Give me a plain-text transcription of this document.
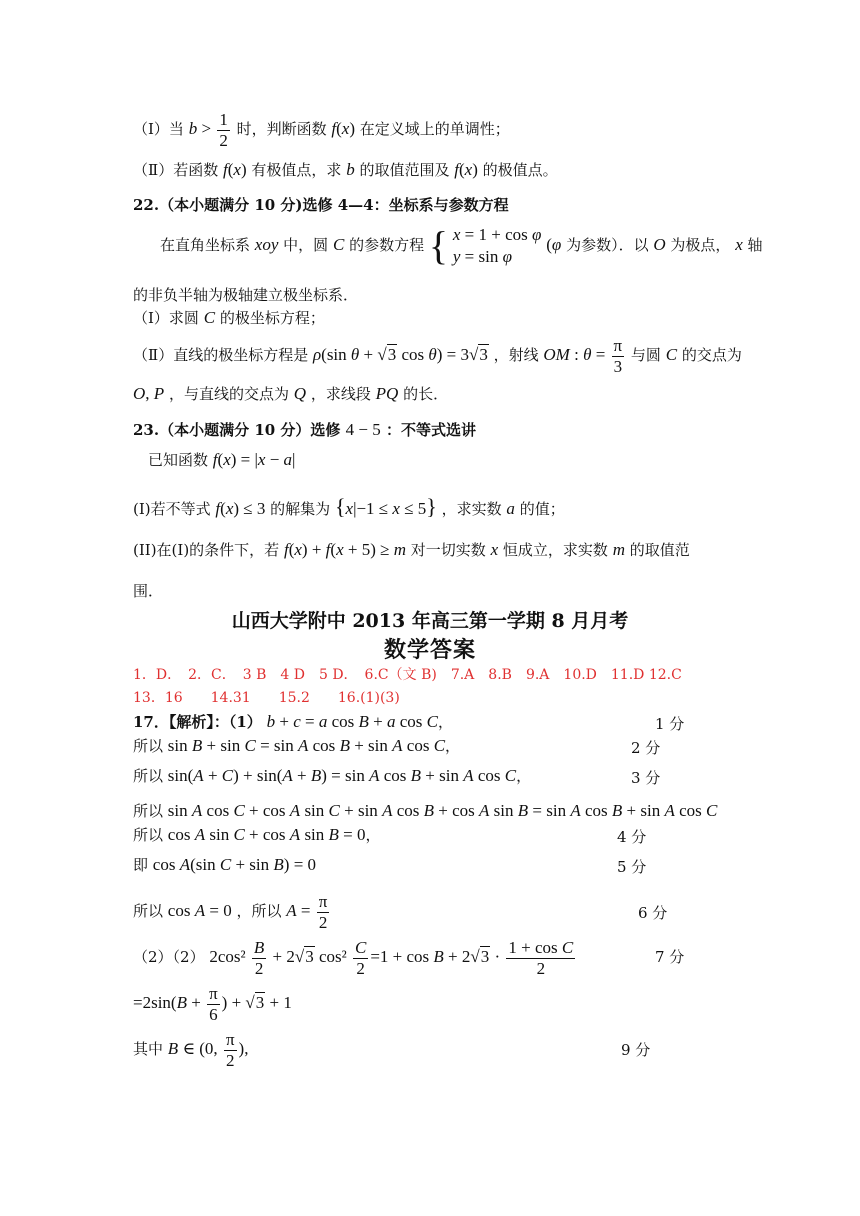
（Ⅰ）当 $b > \frac{1}{2}$ 时，判断函数 f(x) 在定义域上的单调性；
（Ⅱ）若函数 f(x) 有极值点，求 b 的取值范围及 f(x) 的极值点。
22.（本小题满分 10 分)选修 4—4：坐标系与参数方程
在直角坐标系 xoy 中，圆 C 的参数方程 { x = 1 + cos φ
y = sin φ
(φ 为参数）．以 O 为极点， x 轴
的非负半轴为极轴建立极坐标系．
（Ⅰ）求圆 C 的极坐标方程；
（Ⅱ）直线的极坐标方程是 ρ(sin θ + √3 cos θ) = 3√3 ，射线 OM : $\theta = \frac{\pi}{3}$ 与圆 C 的交点为
O, P ，与直线的交点为 Q ，求线段 PQ 的长．
23.（本小题满分 10 分）选修 4 − 5 ：不等式选讲
已知函数 f(x) = |x − a|
(I)若不等式 f(x) ≤ 3 的解集为 {x|−1 ≤ x ≤ 5} ，求实数 a 的值；
(II)在(I)的条件下，若 f(x) + f(x + 5) ≥ m 对一切实数 x 恒成立，求实数 m 的取值范
围．
山西大学附中 2013 年高三第一学期 8 月月考
数学答案
1．D．　2．C．　3 B　4 D　5 D．　6.C（文 B)　7.A　8.B　9.A　10.D　11.D 12.C
13．16　　14.31　　15.2　　16.(1)(3)
17．【解析】：（1） b + c = a cos B + a cos C，	1 分
所以 sin B + sin C = sin A cos B + sin A cos C，	2 分
所以 sin(A + C) + sin(A + B) = sin A cos B + sin A cos C，	3 分
所以 sin A cos C + cos A sin C + sin A cos B + cos A sin B = sin A cos B + sin A cos C
所以 cos A sin C + cos A sin B = 0，	4 分
即 cos A(sin C + sin B) = 0	5 分
所以 cos A = 0 ，所以 $A = \frac{\pi}{2}$	6 分
（2）（2） $2\cos^2 \frac{B}{2} + 2√3$ $\cos^2 \frac{C}{2} =1 + \cos B + 2√3 \cdot \frac{\text{1 + cos C}}{2}$	7 分
$=2\sin(B + \frac{\pi}{6}$ ) + √3 + 1
其中 B ∈ (0, $\frac{\pi}{2}$ ),	9 分
